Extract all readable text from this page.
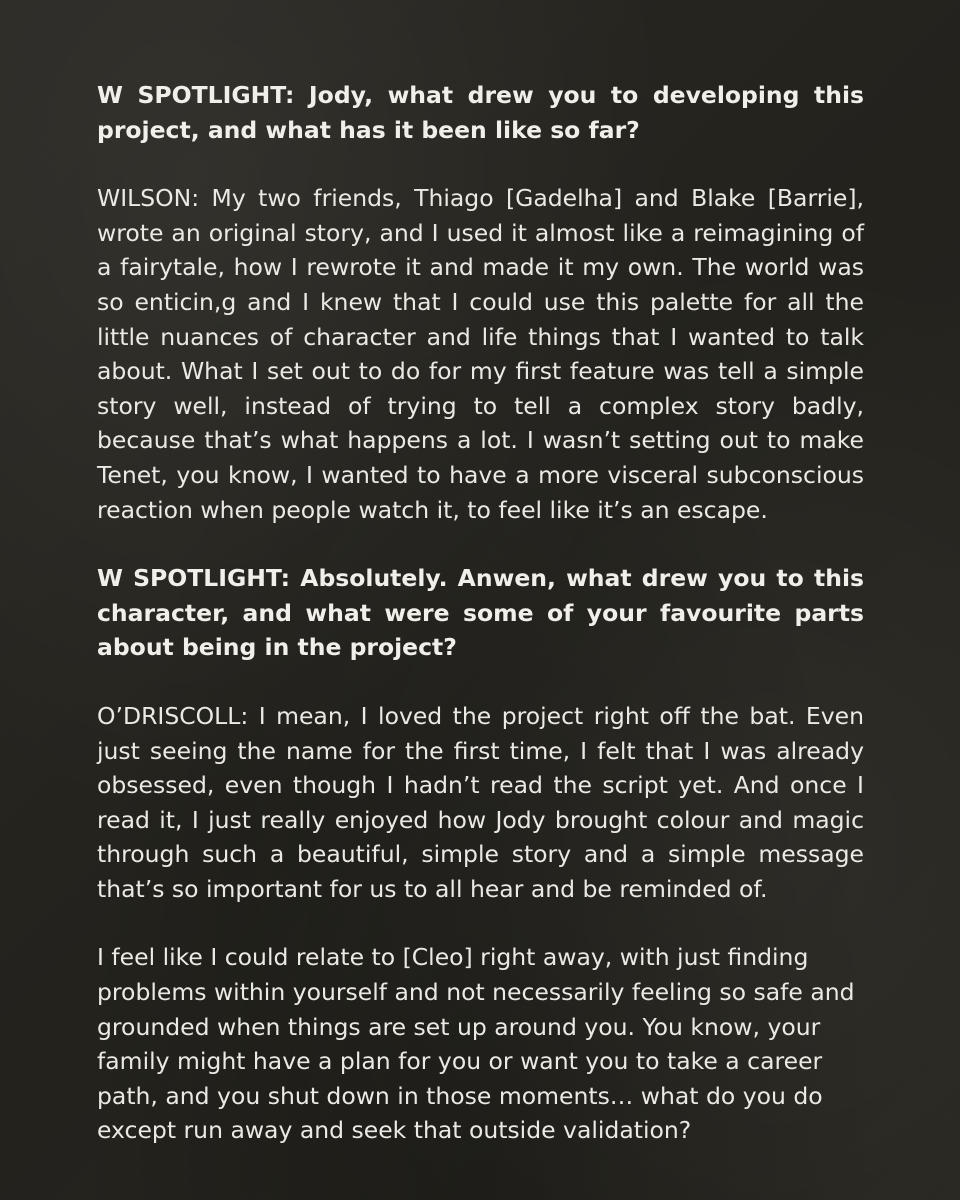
W SPOTLIGHT: Jody, what drew you to developing this project, and what has it been like so far?

WILSON: My two friends, Thiago [Gadelha] and Blake [Barrie], wrote an original story, and I used it almost like a reimagining of a fairytale, how I rewrote it and made it my own. The world was so enticin,g and I knew that I could use this palette for all the little nuances of character and life things that I wanted to talk about. What I set out to do for my first feature was tell a simple story well, instead of trying to tell a complex story badly, because that’s what happens a lot. I wasn’t setting out to make Tenet, you know, I wanted to have a more visceral subconscious reaction when people watch it, to feel like it’s an escape.

W SPOTLIGHT: Absolutely. Anwen, what drew you to this character, and what were some of your favourite parts about being in the project?

O’DRISCOLL: I mean, I loved the project right off the bat. Even just seeing the name for the first time, I felt that I was already obsessed, even though I hadn’t read the script yet. And once I read it, I just really enjoyed how Jody brought colour and magic through such a beautiful, simple story and a simple message that’s so important for us to all hear and be reminded of.

I feel like I could relate to [Cleo] right away, with just finding problems within yourself and not necessarily feeling so safe and grounded when things are set up around you. You know, your family might have a plan for you or want you to take a career path, and you shut down in those moments… what do you do except run away and seek that outside validation?
